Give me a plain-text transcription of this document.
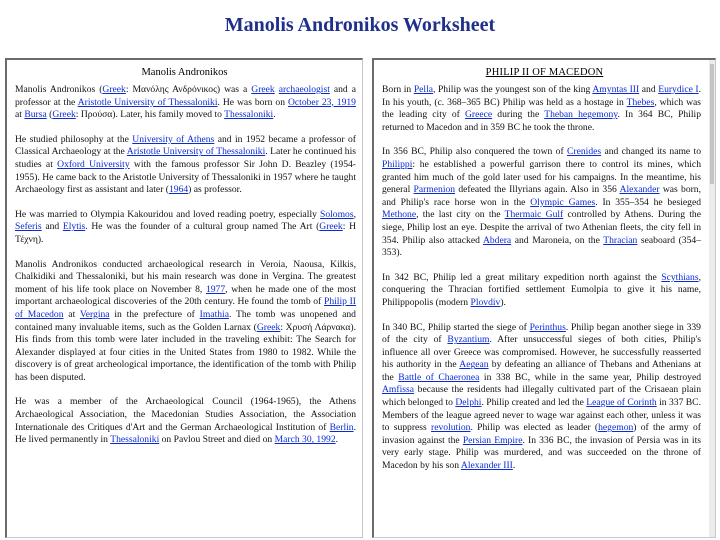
Manolis Andronikos Worksheet
Manolis Andronikos

Manolis Andronikos (Greek: Μανόλης Ανδρόνικος) was a Greek archaeologist and a professor at the Aristotle University of Thessaloniki. He was born on October 23, 1919 at Bursa (Greek: Προύσα). Later, his family moved to Thessaloniki.

He studied philosophy at the University of Athens and in 1952 became a professor of Classical Archaeology at the Aristotle University of Thessaloniki. Later he continued his studies at Oxford University with the famous professor Sir John D. Beazley (1954-1955). He came back to the Aristotle University of Thessaloniki in 1957 where he taught Archaeology first as assistant and later (1964) as professor.

He was married to Olympia Kakouridou and loved reading poetry, especially Solomos, Seferis and Elytis. He was the founder of a cultural group named The Art (Greek: Η Τέχνη).

Manolis Andronikos conducted archaeological research in Veroia, Naousa, Kilkis, Chalkidiki and Thessaloniki, but his main research was done in Vergina. The greatest moment of his life took place on November 8, 1977, when he made one of the most important archaeological discoveries of the 20th century. He found the tomb of Philip II of Macedon at Vergina in the prefecture of Imathia. The tomb was unopened and contained many invaluable items, such as the Golden Larnax (Greek: Χρυσή Λάρνακα). His finds from this tomb were later included in the traveling exhibit: The Search for Alexander displayed at four cities in the United States from 1980 to 1982. While the discovery is of great archeological importance, the identification of the tomb with Philip has been disputed.

He was a member of the Archaeological Council (1964-1965), the Athens Archaeological Association, the Macedonian Studies Association, the Association Internationale des Critiques d'Art and the German Archaeological Institution of Berlin. He lived permanently in Thessaloniki on Pavlou Street and died on March 30, 1992.

PHILIP II OF MACEDON

Born in Pella, Philip was the youngest son of the king Amyntas III and Eurydice I. In his youth, (c. 368–365 BC) Philip was held as a hostage in Thebes, which was the leading city of Greece during the Theban hegemony. In 364 BC, Philip returned to Macedon and in 359 BC he took the throne.

In 356 BC, Philip also conquered the town of Crenides and changed its name to Philippi: he established a powerful garrison there to control its mines, which granted him much of the gold later used for his campaigns. In the meantime, his general Parmenion defeated the Illyrians again. Also in 356 Alexander was born, and Philip's race horse won in the Olympic Games. In 355–354 he besieged Methone, the last city on the Thermaic Gulf controlled by Athens. During the siege, Philip lost an eye. Despite the arrival of two Athenian fleets, the city fell in 354. Philip also attacked Abdera and Maroneia, on the Thracian seaboard (354–353).

In 342 BC, Philip led a great military expedition north against the Scythians, conquering the Thracian fortified settlement Eumolpia to give it his name, Philippopolis (modern Plovdiv).

In 340 BC, Philip started the siege of Perinthus. Philip began another siege in 339 of the city of Byzantium. After unsuccessful sieges of both cities, Philip's influence all over Greece was compromised. However, he successfully reasserted his authority in the Aegean by defeating an alliance of Thebans and Athenians at the Battle of Chaeronea in 338 BC, while in the same year, Philip destroyed Amfissa because the residents had illegally cultivated part of the Crisaean plain which belonged to Delphi. Philip created and led the League of Corinth in 337 BC. Members of the league agreed never to wage war against each other, unless it was to suppress revolution. Philip was elected as leader (hegemon) of the army of invasion against the Persian Empire. In 336 BC, the invasion of Persia was in its very early stage. Philip was murdered, and was succeeded on the throne of Macedon by his son Alexander III.
